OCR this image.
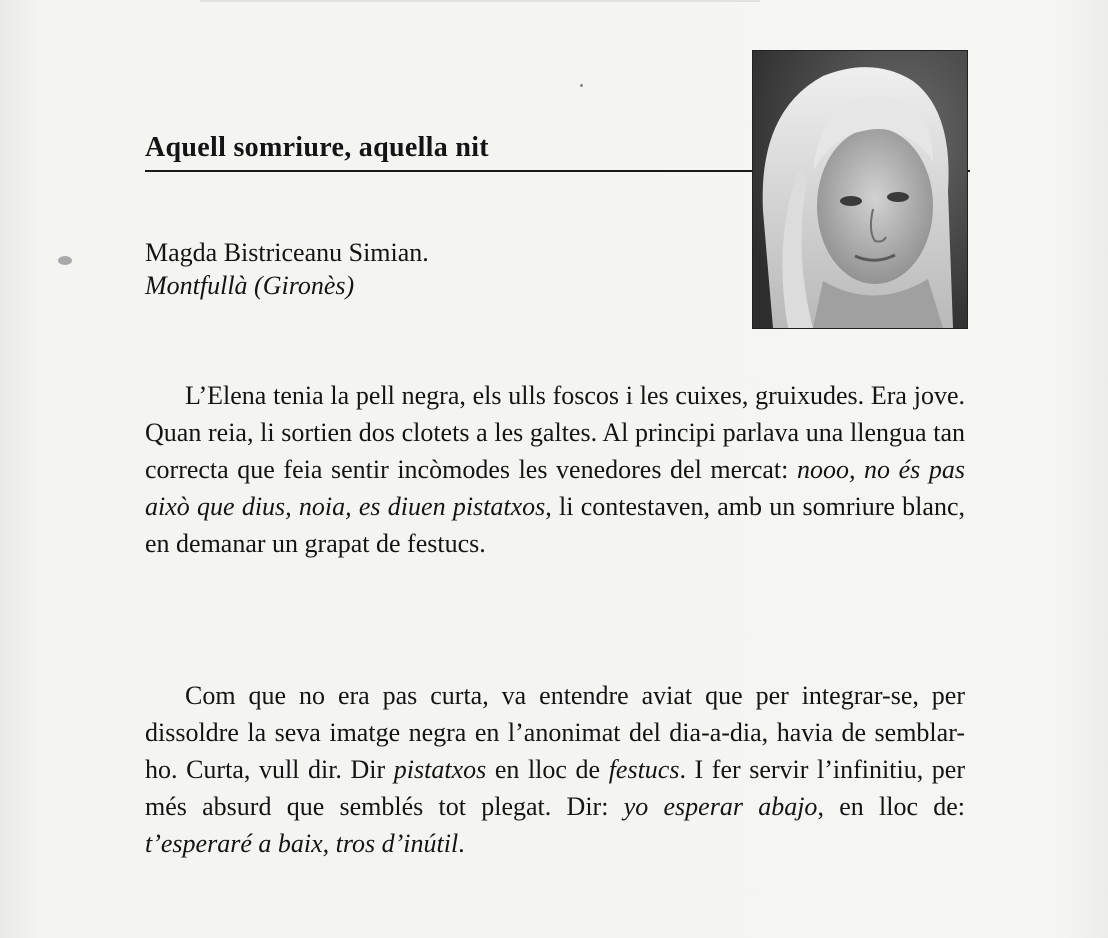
Aquell somriure, aquella nit
Magda Bistriceanu Simian.
Montfullà (Gironès)

L’Elena tenia la pell negra, els ulls foscos i les cuixes, gruixudes. Era jove. Quan reia, li sortien dos clotets a les galtes. Al principi parlava una llengua tan correcta que feia sentir incòmodes les venedores del mercat: nooo, no és pas això que dius, noia, es diuen pistatxos, li contestaven, amb un somriure blanc, en demanar un grapat de festucs.

Com que no era pas curta, va entendre aviat que per integrar-se, per dissoldre la seva imatge negra en l’anonimat del dia-a-dia, havia de semblar-ho. Curta, vull dir. Dir pistatxos en lloc de festucs. I fer servir l’infinitiu, per més absurd que semblés tot plegat. Dir: yo esperar abajo, en lloc de: t’esperaré a baix, tros d’inútil.
